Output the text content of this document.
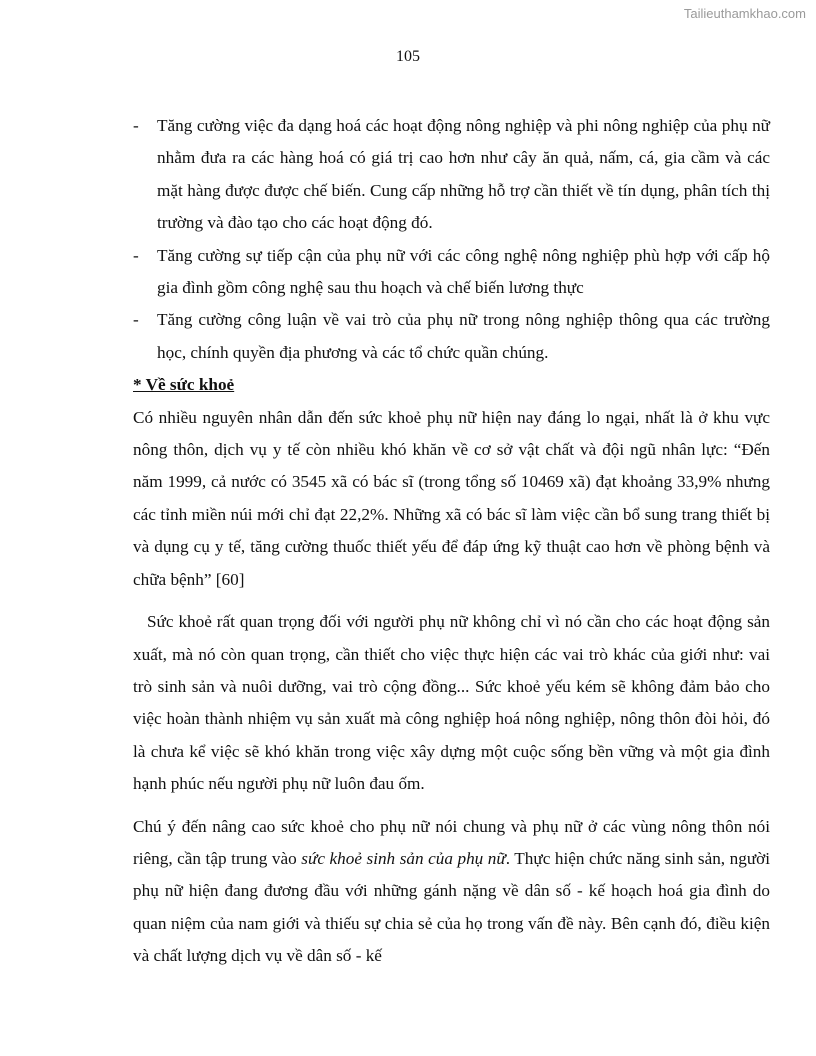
Tailieuthamkhao.com
105
- Tăng cường việc đa dạng hoá các hoạt động nông nghiệp và phi nông nghiệp của phụ nữ nhằm đưa ra các hàng hoá có giá trị cao hơn như cây ăn quả, nấm, cá, gia cầm và các mặt hàng được được chế biến. Cung cấp những hỗ trợ cần thiết về tín dụng, phân tích thị trường và đào tạo cho các hoạt động đó.
- Tăng cường sự tiếp cận của phụ nữ với các công nghệ nông nghiệp phù hợp với cấp hộ gia đình gồm công nghệ sau thu hoạch và chế biến lương thực
- Tăng cường công luận về vai trò của phụ nữ trong nông nghiệp thông qua các trường học, chính quyền địa phương và các tổ chức quần chúng.
* Về sức khoẻ

Có nhiều nguyên nhân dẫn đến sức khoẻ phụ nữ hiện nay đáng lo ngại, nhất là ở khu vực nông thôn, dịch vụ y tế còn nhiều khó khăn về cơ sở vật chất và đội ngũ nhân lực: “Đến năm 1999, cả nước có 3545 xã có bác sĩ (trong tổng số 10469 xã) đạt khoảng 33,9% nhưng các tỉnh miền núi mới chỉ đạt 22,2%. Những xã có bác sĩ làm việc cần bổ sung trang thiết bị và dụng cụ y tế, tăng cường thuốc thiết yếu để đáp ứng kỹ thuật cao hơn về phòng bệnh và chữa bệnh” [60]

Sức khoẻ rất quan trọng đối với người phụ nữ không chỉ vì nó cần cho các hoạt động sản xuất, mà nó còn quan trọng, cần thiết cho việc thực hiện các vai trò khác của giới như: vai trò sinh sản và nuôi dưỡng, vai trò cộng đồng... Sức khoẻ yếu kém sẽ không đảm bảo cho việc hoàn thành nhiệm vụ sản xuất mà công nghiệp hoá nông nghiệp, nông thôn đòi hỏi, đó là chưa kể việc sẽ khó khăn trong việc xây dựng một cuộc sống bền vững và một gia đình hạnh phúc nếu người phụ nữ luôn đau ốm.

Chú ý đến nâng cao sức khoẻ cho phụ nữ nói chung và phụ nữ ở các vùng nông thôn nói riêng, cần tập trung vào sức khoẻ sinh sản của phụ nữ. Thực hiện chức năng sinh sản, người phụ nữ hiện đang đương đầu với những gánh nặng về dân số - kế hoạch hoá gia đình do quan niệm của nam giới và thiếu sự chia sẻ của họ trong vấn đề này. Bên cạnh đó, điều kiện và chất lượng dịch vụ về dân số - kế
